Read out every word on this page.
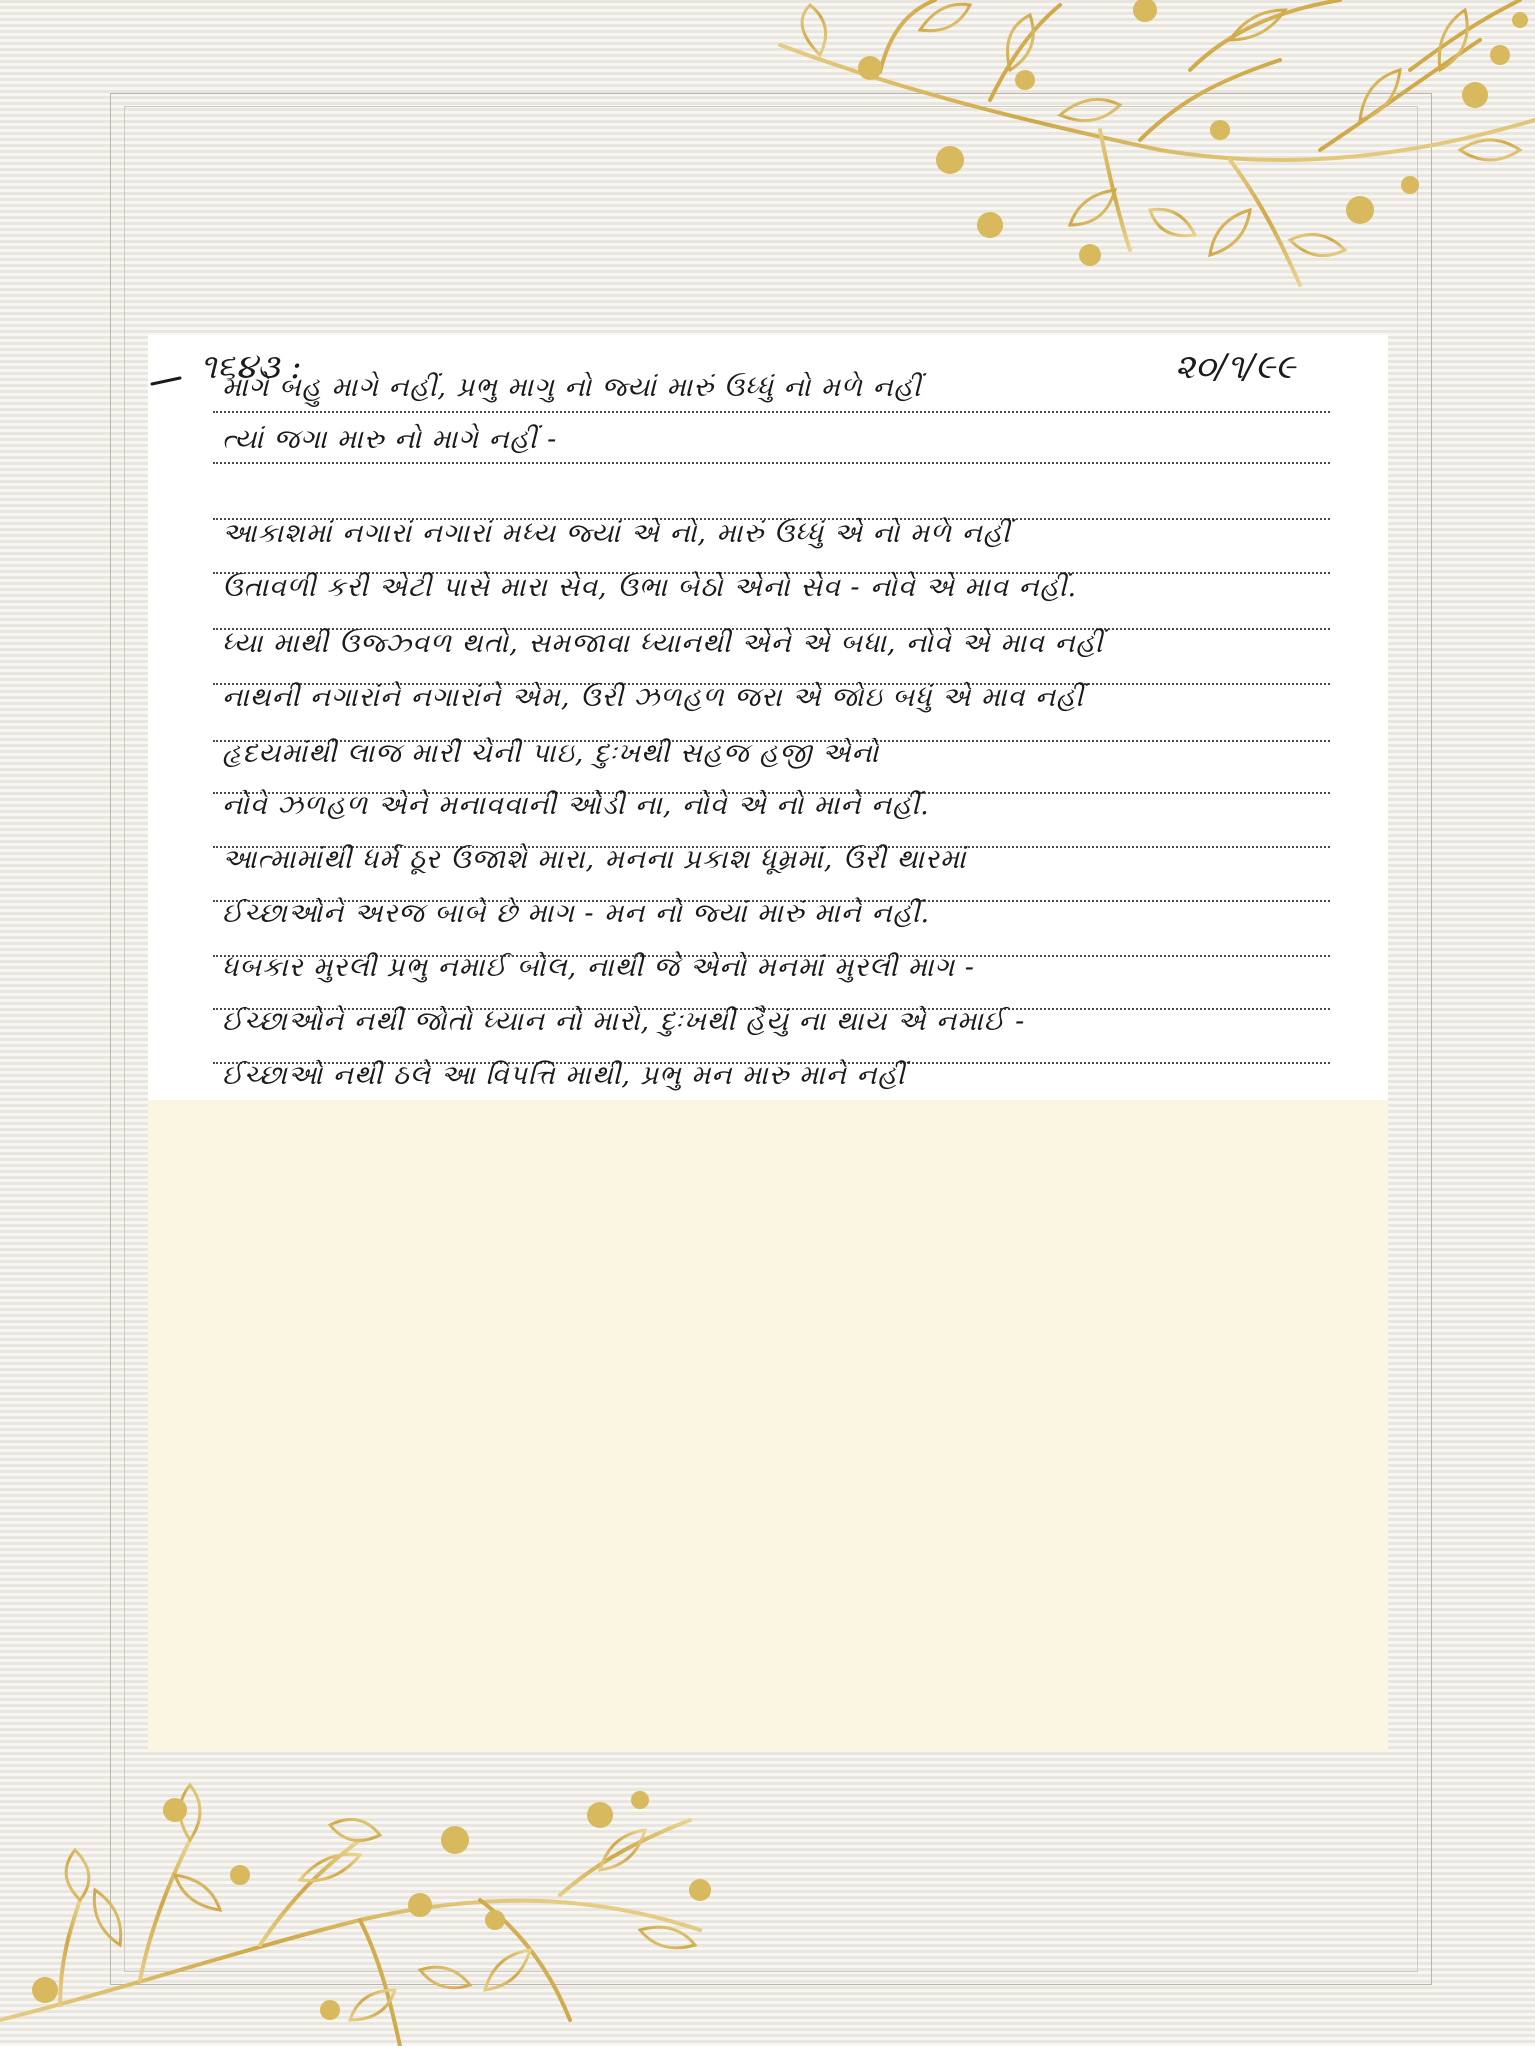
૧૬૪૩ :	૨૦/૧/૯૯
માગે બહુ માગે નહીં, પ્રભુ માગુ નો જ્યાં મારું ઉધ્ધું નો મળે નહીં
ત્યાં જગા મારુ નો માગે નહીં -
આકાશમાં નગારાં નગારાં મધ્ય જ્યાં એ નો, મારું ઉધ્ધું એ નો મળે નહીં
ઉતાવળી કરી એટી પાસે મારા સેવ, ઉભા બેઠો એનો સેવ - નોવે એ માવ નહીં.
ધ્યા માથી ઉજ્ઝ્વળ થતો, સમજાવા ધ્યાનથી એને એ બધા, નોવે એ માવ નહીં
નાથની નગારાંને નગારાંને એમ, ઉરી ઝળહળ જરા એ જોઇ બધું એ માવ નહીં
હૃદયમાંથી લાજ મારી ચેની પાઇ, દુઃખથી સહજ હજી એનો
નોવે ઝળહળ એને મનાવવાની ઓડી ના, નોવે એ નો માને નહીં.
આત્મામાંથી ધર્મ ઠૂર ઉજાશે મારા, મનના પ્રકાશ ધૂમ્રમાં, ઉરી થારમાં
ઈચ્છાઓને અરજ બાબે છે માગ - મન નો જ્યાં મારું માને નહીં.
ધબકાર મુરલી પ્રભુ નમાઈ બોલ, નાથી જે એનો મનમાં મુરલી માગ -
ઈચ્છાઓને નથી જોતો ધ્યાન નો મારો, દુઃખથી હૈયું ના થાય એ નમાઈ -
ઈચ્છાઓ નથી ઠલે આ વિપત્તિ માથી, પ્રભુ મન મારું માને નહીં
